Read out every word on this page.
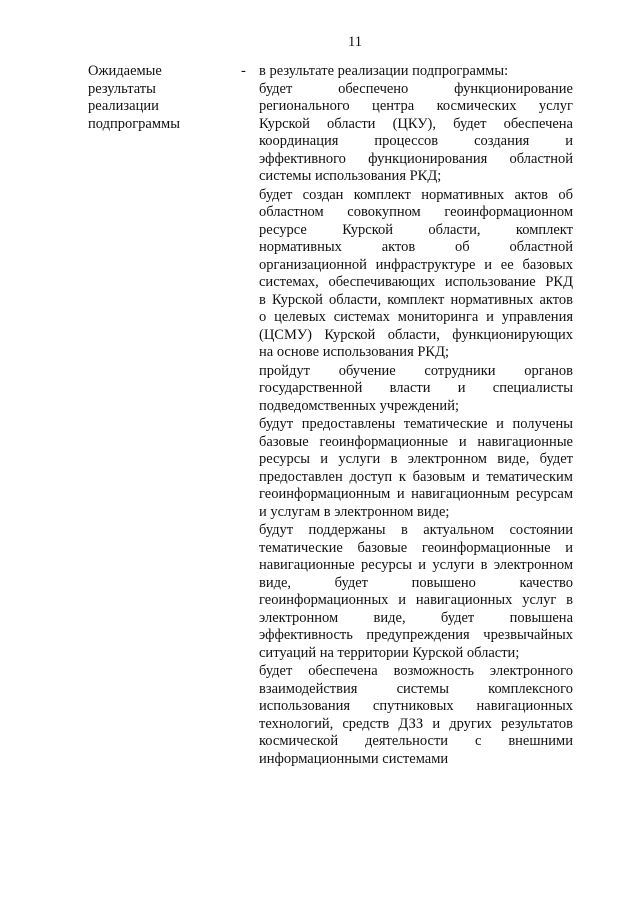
11
Ожидаемые
результаты
реализации
подпрограммы
- в результате реализации подпрограммы:
будет обеспечено функционирование
регионального центра космических услуг
Курской области (ЦКУ), будет обеспечена
координация процессов создания и
эффективного функционирования областной
системы использования РКД;
будет создан комплект нормативных актов об
областном совокупном геоинформационном
ресурсе Курской области, комплект
нормативных актов об областной
организационной инфраструктуре и ее базовых
системах, обеспечивающих использование РКД
в Курской области, комплект нормативных актов
о целевых системах мониторинга и управления
(ЦСМУ) Курской области, функционирующих
на основе использования РКД;
пройдут обучение сотрудники органов
государственной власти и специалисты
подведомственных учреждений;
будут предоставлены тематические и получены
базовые геоинформационные и навигационные
ресурсы и услуги в электронном виде, будет
предоставлен доступ к базовым и тематическим
геоинформационным и навигационным ресурсам
и услугам в электронном виде;
будут поддержаны в актуальном состоянии
тематические базовые геоинформационные и
навигационные ресурсы и услуги в электронном
виде, будет повышено качество
геоинформационных и навигационных услуг в
электронном виде, будет повышена
эффективность предупреждения чрезвычайных
ситуаций на территории Курской области;
будет обеспечена возможность электронного
взаимодействия системы комплексного
использования спутниковых навигационных
технологий, средств ДЗЗ и других результатов
космической деятельности с внешними
информационными системами
